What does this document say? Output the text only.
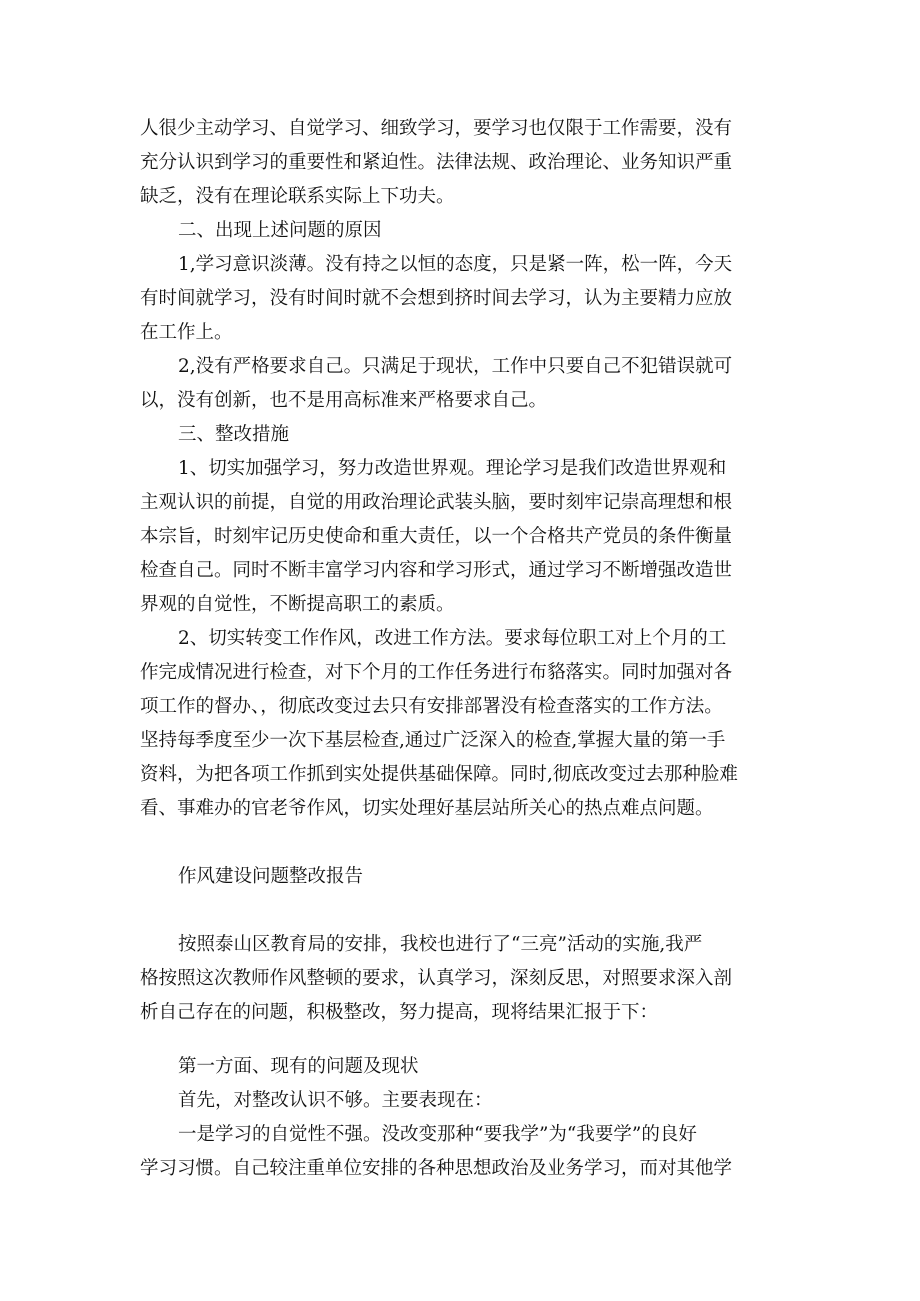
人很少主动学习、自觉学习、细致学习，要学习也仅限于工作需要，没有
充分认识到学习的重要性和紧迫性。法律法规、政治理论、业务知识严重
缺乏，没有在理论联系实际上下功夫。
二、出现上述问题的原因
1,学习意识淡薄。没有持之以恒的态度，只是紧一阵，松一阵，今天
有时间就学习，没有时间时就不会想到挤时间去学习，认为主要精力应放
在工作上。
2,没有严格要求自己。只满足于现状，工作中只要自己不犯错误就可
以，没有创新，也不是用高标准来严格要求自己。
三、整改措施
1、切实加强学习，努力改造世界观。理论学习是我们改造世界观和
主观认识的前提，自觉的用政治理论武装头脑，要时刻牢记崇高理想和根
本宗旨，时刻牢记历史使命和重大责任，以一个合格共产党员的条件衡量
检查自己。同时不断丰富学习内容和学习形式，通过学习不断增强改造世
界观的自觉性，不断提高职工的素质。
2、切实转变工作作风，改进工作方法。要求每位职工对上个月的工
作完成情况进行检查，对下个月的工作任务进行布貉落实。同时加强对各
项工作的督办、，彻底改变过去只有安排部署没有检查落实的工作方法。
坚持每季度至少一次下基层检查,通过广泛深入的检查,掌握大量的第一手
资料，为把各项工作抓到实处提供基础保障。同时,彻底改变过去那种脸难
看、事难办的官老爷作风，切实处理好基层站所关心的热点难点问题。
作风建设问题整改报告
按照泰山区教育局的安排，我校也进行了“三亮”活动的实施,我严
格按照这次教师作风整顿的要求，认真学习，深刻反思，对照要求深入剖
析自己存在的问题，积极整改，努力提高，现将结果汇报于下：
第一方面、现有的问题及现状
首先，对整改认识不够。主要表现在：
一是学习的自觉性不强。没改变那种“要我学”为“我要学”的良好
学习习惯。自己较注重单位安排的各种思想政治及业务学习，而对其他学
